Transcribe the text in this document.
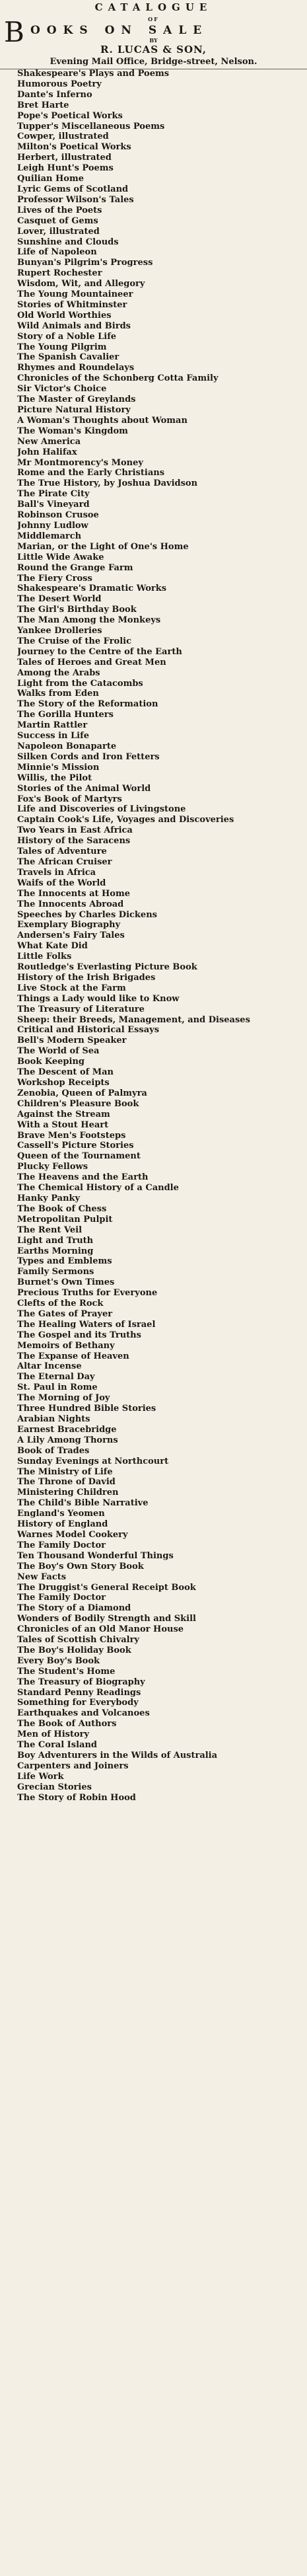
CATALOGUE
OF
B OOKS ON SALE
BY
R. LUCAS & SON,
Evening Mail Office, Bridge-street, Nelson.
Shakespeare's Plays and Poems
Humorous Poetry
Dante's Inferno
Bret Harte
Pope's Poetical Works
Tupper's Miscellaneous Poems
Cowper, illustrated
Milton's Poetical Works
Herbert, illustrated
Leigh Hunt's Poems
Quilian Home
Lyric Gems of Scotland
Professor Wilson's Tales
Lives of the Poets
Casquet of Gems
Lover, illustrated
Sunshine and Clouds
Life of Napoleon
Bunyan's Pilgrim's Progress
Rupert Rochester
Wisdom, Wit, and Allegory
The Young Mountaineer
Stories of Whitminster
Old World Worthies
Wild Animals and Birds
Story of a Noble Life
The Young Pilgrim
The Spanish Cavalier
Rhymes and Roundelays
Chronicles of the Schonberg Cotta Family
Sir Victor's Choice
The Master of Greylands
Picture Natural History
A Woman's Thoughts about Woman
The Woman's Kingdom
New America
John Halifax
Mr Montmorency's Money
Rome and the Early Christians
The True History, by Joshua Davidson
The Pirate City
Ball's Vineyard
Robinson Crusoe
Johnny Ludlow
Middlemarch
Marian, or the Light of One's Home
Little Wide Awake
Round the Grange Farm
The Fiery Cross
Shakespeare's Dramatic Works
The Desert World
The Girl's Birthday Book
The Man Among the Monkeys
Yankee Drolleries
The Cruise of the Frolic
Journey to the Centre of the Earth
Tales of Heroes and Great Men
Among the Arabs
Light from the Catacombs
Walks from Eden
The Story of the Reformation
The Gorilla Hunters
Martin Rattler
Success in Life
Napoleon Bonaparte
Silken Cords and Iron Fetters
Minnie's Mission
Willis, the Pilot
Stories of the Animal World
Fox's Book of Martyrs
Life and Discoveries of Livingstone
Captain Cook's Life, Voyages and Discoveries
Two Years in East Africa
History of the Saracens
Tales of Adventure
The African Cruiser
Travels in Africa
Waifs of the World
The Innocents at Home
The Innocents Abroad
Speeches by Charles Dickens
Exemplary Biography
Andersen's Fairy Tales
What Kate Did
Little Folks
Routledge's Everlasting Picture Book
History of the Irish Brigades
Live Stock at the Farm
Things a Lady would like to Know
The Treasury of Literature
Sheep: their Breeds, Management, and Diseases
Critical and Historical Essays
Bell's Modern Speaker
The World of Sea
Book Keeping
The Descent of Man
Workshop Receipts
Zenobia, Queen of Palmyra
Children's Pleasure Book
Against the Stream
With a Stout Heart
Brave Men's Footsteps
Cassell's Picture Stories
Queen of the Tournament
Plucky Fellows
The Heavens and the Earth
The Chemical History of a Candle
Hanky Panky
The Book of Chess
Metropolitan Pulpit
The Rent Veil
Light and Truth
Earths Morning
Types and Emblems
Family Sermons
Burnet's Own Times
Precious Truths for Everyone
Clefts of the Rock
The Gates of Prayer
The Healing Waters of Israel
The Gospel and its Truths
Memoirs of Bethany
The Expanse of Heaven
Altar Incense
The Eternal Day
St. Paul in Rome
The Morning of Joy
Three Hundred Bible Stories
Arabian Nights
Earnest Bracebridge
A Lily Among Thorns
Book of Trades
Sunday Evenings at Northcourt
The Ministry of Life
The Throne of David
Ministering Children
The Child's Bible Narrative
England's Yeomen
History of England
Warnes Model Cookery
The Family Doctor
Ten Thousand Wonderful Things
The Boy's Own Story Book
New Facts
The Druggist's General Receipt Book
The Family Doctor
The Story of a Diamond
Wonders of Bodily Strength and Skill
Chronicles of an Old Manor House
Tales of Scottish Chivalry
The Boy's Holiday Book
Every Boy's Book
The Student's Home
The Treasury of Biography
Standard Penny Readings
Something for Everybody
Earthquakes and Volcanoes
The Book of Authors
Men of History
The Coral Island
Boy Adventurers in the Wilds of Australia
Carpenters and Joiners
Life Work
Grecian Stories
The Story of Robin Hood
